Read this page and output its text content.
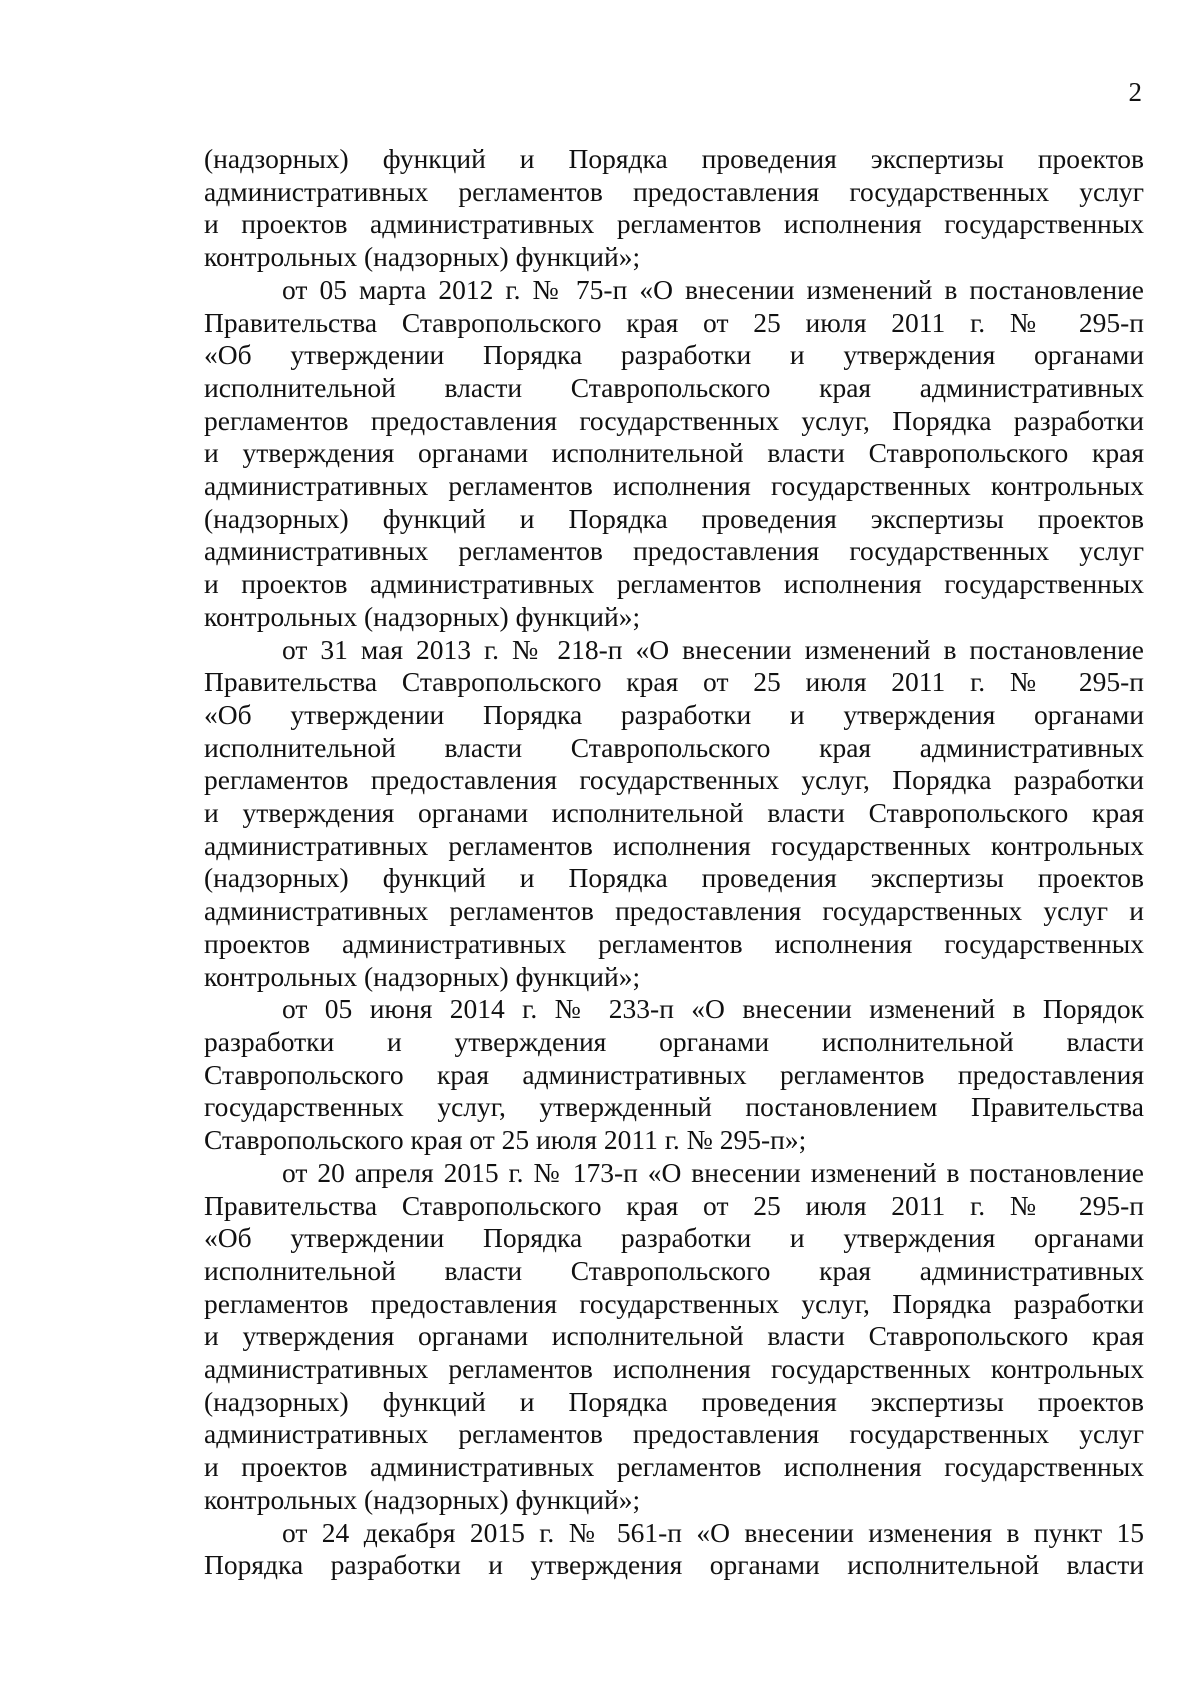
2
(надзорных) функций и Порядка проведения экспертизы проектов
административных регламентов предоставления государственных услуг
и проектов административных регламентов исполнения государственных
контрольных (надзорных) функций»;
от 05 марта 2012 г. № 75-п «О внесении изменений в постановление
Правительства Ставропольского края от 25 июля 2011 г. № 295-п
«Об утверждении Порядка разработки и утверждения органами
исполнительной власти Ставропольского края административных
регламентов предоставления государственных услуг, Порядка разработки
и утверждения органами исполнительной власти Ставропольского края
административных регламентов исполнения государственных контрольных
(надзорных) функций и Порядка проведения экспертизы проектов
административных регламентов предоставления государственных услуг
и проектов административных регламентов исполнения государственных
контрольных (надзорных) функций»;
от 31 мая 2013 г. № 218-п «О внесении изменений в постановление
Правительства Ставропольского края от 25 июля 2011 г. № 295-п
«Об утверждении Порядка разработки и утверждения органами
исполнительной власти Ставропольского края административных
регламентов предоставления государственных услуг, Порядка разработки
и утверждения органами исполнительной власти Ставропольского края
административных регламентов исполнения государственных контрольных
(надзорных) функций и Порядка проведения экспертизы проектов
административных регламентов предоставления государственных услуг и
проектов административных регламентов исполнения государственных
контрольных (надзорных) функций»;
от 05 июня 2014 г. № 233-п «О внесении изменений в Порядок
разработки и утверждения органами исполнительной власти
Ставропольского края административных регламентов предоставления
государственных услуг, утвержденный постановлением Правительства
Ставропольского края от 25 июля 2011 г. № 295-п»;
от 20 апреля 2015 г. № 173-п «О внесении изменений в постановление
Правительства Ставропольского края от 25 июля 2011 г. № 295-п
«Об утверждении Порядка разработки и утверждения органами
исполнительной власти Ставропольского края административных
регламентов предоставления государственных услуг, Порядка разработки
и утверждения органами исполнительной власти Ставропольского края
административных регламентов исполнения государственных контрольных
(надзорных) функций и Порядка проведения экспертизы проектов
административных регламентов предоставления государственных услуг
и проектов административных регламентов исполнения государственных
контрольных (надзорных) функций»;
от 24 декабря 2015 г. № 561-п «О внесении изменения в пункт 15
Порядка разработки и утверждения органами исполнительной власти
